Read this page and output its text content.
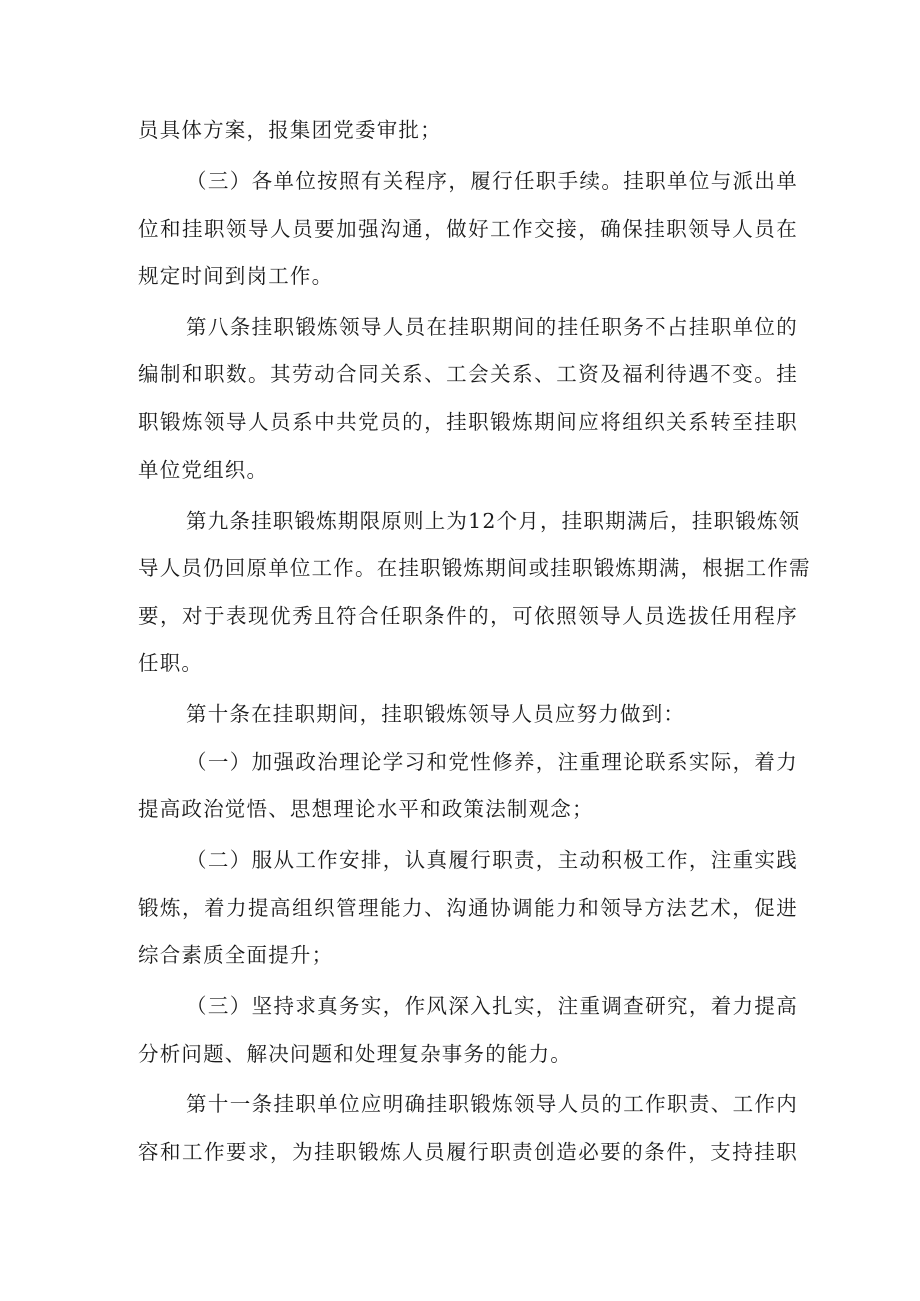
员具体方案，报集团党委审批；
（三）各单位按照有关程序，履行任职手续。挂职单位与派出单
位和挂职领导人员要加强沟通，做好工作交接，确保挂职领导人员在
规定时间到岗工作。
第八条挂职锻炼领导人员在挂职期间的挂任职务不占挂职单位的
编制和职数。其劳动合同关系、工会关系、工资及福利待遇不变。挂
职锻炼领导人员系中共党员的，挂职锻炼期间应将组织关系转至挂职
单位党组织。
第九条挂职锻炼期限原则上为12个月，挂职期满后，挂职锻炼领
导人员仍回原单位工作。在挂职锻炼期间或挂职锻炼期满，根据工作需
要，对于表现优秀且符合任职条件的，可依照领导人员选拔任用程序
任职。
第十条在挂职期间，挂职锻炼领导人员应努力做到：
（一）加强政治理论学习和党性修养，注重理论联系实际，着力
提高政治觉悟、思想理论水平和政策法制观念；
（二）服从工作安排，认真履行职责，主动积极工作，注重实践
锻炼，着力提高组织管理能力、沟通协调能力和领导方法艺术，促进
综合素质全面提升；
（三）坚持求真务实，作风深入扎实，注重调查研究，着力提高
分析问题、解决问题和处理复杂事务的能力。
第十一条挂职单位应明确挂职锻炼领导人员的工作职责、工作内
容和工作要求，为挂职锻炼人员履行职责创造必要的条件，支持挂职
